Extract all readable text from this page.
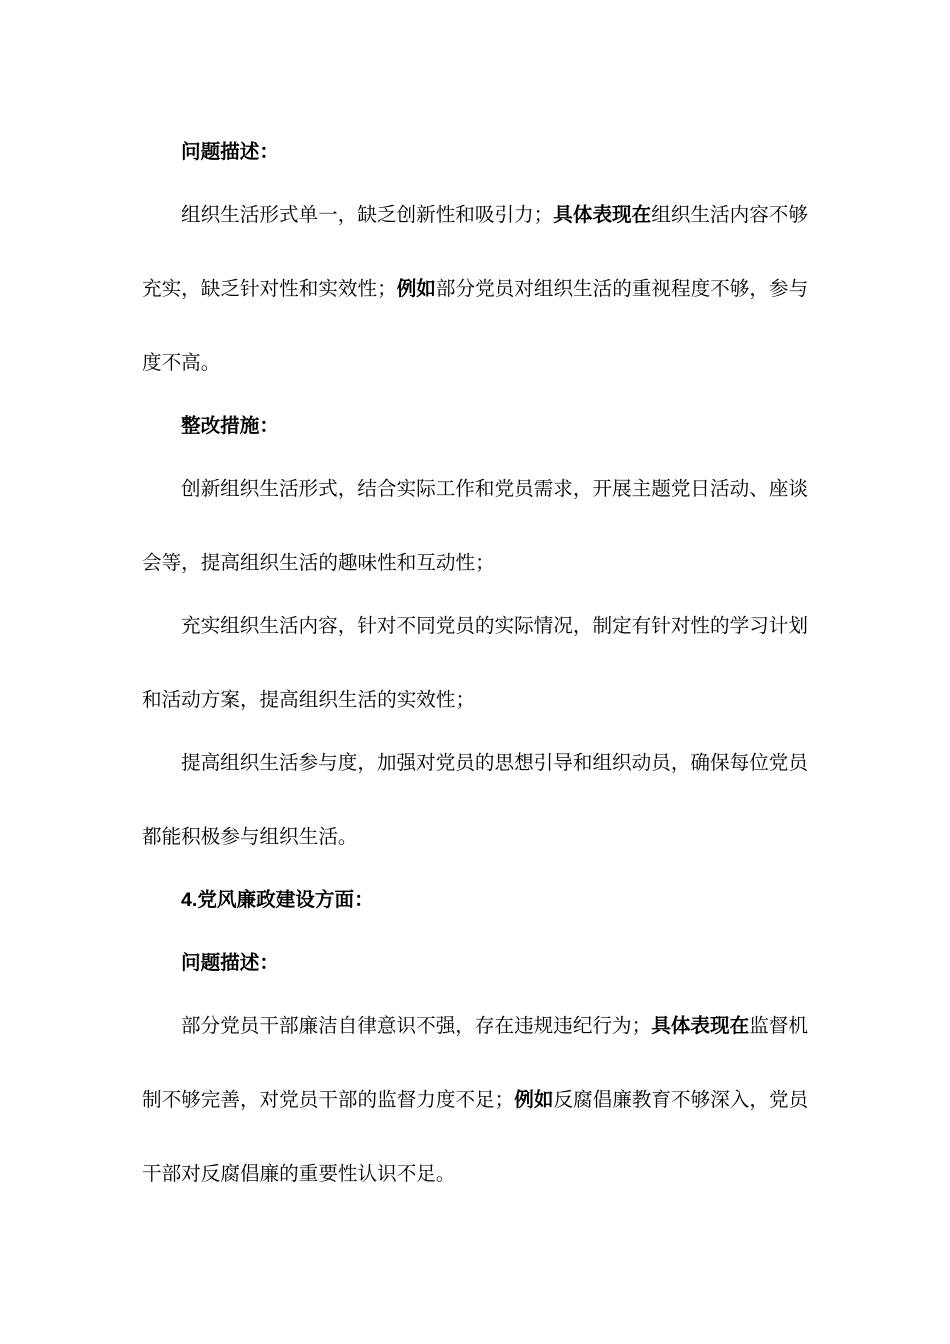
问题描述：
组织生活形式单一，缺乏创新性和吸引力；具体表现在组织生活内容不够
充实，缺乏针对性和实效性；例如部分党员对组织生活的重视程度不够，参与
度不高。
整改措施：
创新组织生活形式，结合实际工作和党员需求，开展主题党日活动、座谈
会等，提高组织生活的趣味性和互动性；
充实组织生活内容，针对不同党员的实际情况，制定有针对性的学习计划
和活动方案，提高组织生活的实效性；
提高组织生活参与度，加强对党员的思想引导和组织动员，确保每位党员
都能积极参与组织生活。
4.党风廉政建设方面：
问题描述：
部分党员干部廉洁自律意识不强，存在违规违纪行为；具体表现在监督机
制不够完善，对党员干部的监督力度不足；例如反腐倡廉教育不够深入，党员
干部对反腐倡廉的重要性认识不足。
